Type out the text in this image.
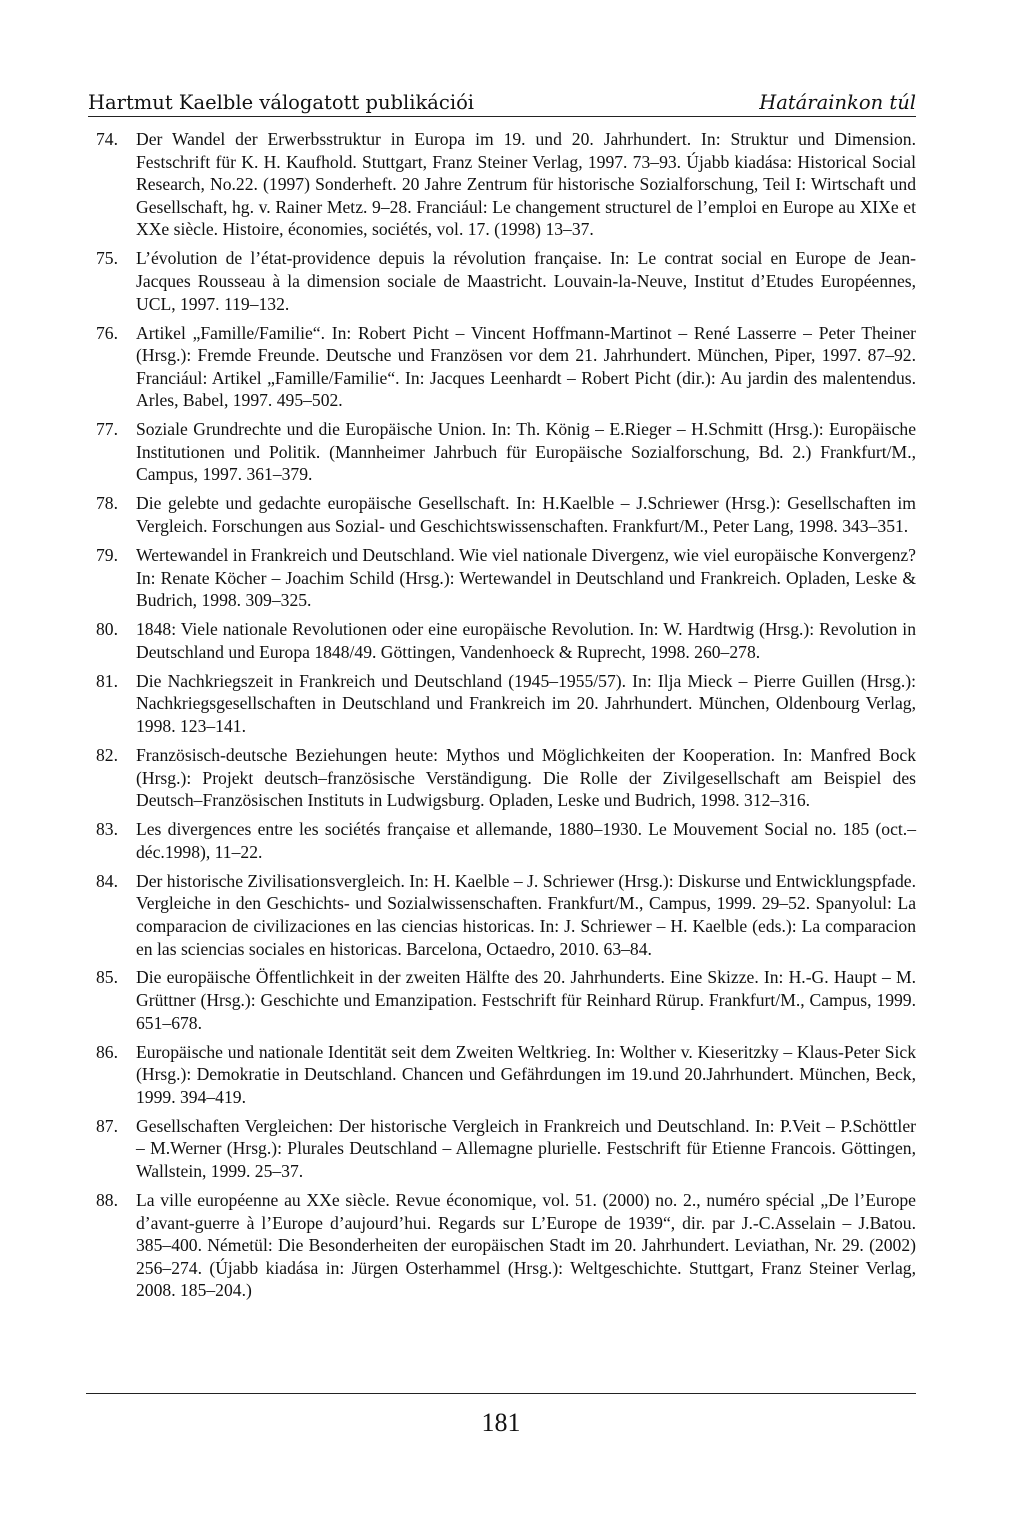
Hartmut Kaelble válogatott publikációi	Határainkon túl
74. Der Wandel der Erwerbsstruktur in Europa im 19. und 20. Jahrhundert. In: Struktur und Dimension. Festschrift für K. H. Kaufhold. Stuttgart, Franz Steiner Verlag, 1997. 73–93. Újabb kiadása: Historical Social Research, No.22. (1997) Sonderheft. 20 Jahre Zentrum für historische Sozialforschung, Teil I: Wirtschaft und Gesellschaft, hg. v. Rainer Metz. 9–28. Franciául: Le changement structurel de l’emploi en Europe au XIXe et XXe siècle. Histoire, économies, sociétés, vol. 17. (1998) 13–37.
75. L’évolution de l’état-providence depuis la révolution française. In: Le contrat social en Europe de Jean-Jacques Rousseau à la dimension sociale de Maastricht. Louvain-la-Neuve, Institut d’Etudes Européennes, UCL, 1997. 119–132.
76. Artikel „Famille/Familie“. In: Robert Picht – Vincent Hoffmann-Martinot – René Lasserre – Peter Theiner (Hrsg.): Fremde Freunde. Deutsche und Französen vor dem 21. Jahrhundert. München, Piper, 1997. 87–92. Franciául: Artikel „Famille/Familie“. In: Jacques Leenhardt – Robert Picht (dir.): Au jardin des malentendus. Arles, Babel, 1997. 495–502.
77. Soziale Grundrechte und die Europäische Union. In: Th. König – E.Rieger – H.Schmitt (Hrsg.): Europäische Institutionen und Politik. (Mannheimer Jahrbuch für Europäische Sozialforschung, Bd. 2.) Frankfurt/M., Campus, 1997. 361–379.
78. Die gelebte und gedachte europäische Gesellschaft. In: H.Kaelble – J.Schriewer (Hrsg.): Gesellschaften im Vergleich. Forschungen aus Sozial- und Geschichtswissenschaften. Frankfurt/M., Peter Lang, 1998. 343–351.
79. Wertewandel in Frankreich und Deutschland. Wie viel nationale Divergenz, wie viel europäische Konvergenz? In: Renate Köcher – Joachim Schild (Hrsg.): Wertewandel in Deutschland und Frankreich. Opladen, Leske & Budrich, 1998. 309–325.
80. 1848: Viele nationale Revolutionen oder eine europäische Revolution. In: W. Hardtwig (Hrsg.): Revolution in Deutschland und Europa 1848/49. Göttingen, Vandenhoeck & Ruprecht, 1998. 260–278.
81. Die Nachkriegszeit in Frankreich und Deutschland (1945–1955/57). In: Ilja Mieck – Pierre Guillen (Hrsg.): Nachkriegsgesellschaften in Deutschland und Frankreich im 20. Jahrhundert. München, Oldenbourg Verlag, 1998. 123–141.
82. Französisch-deutsche Beziehungen heute: Mythos und Möglichkeiten der Kooperation. In: Manfred Bock (Hrsg.): Projekt deutsch–französische Verständigung. Die Rolle der Zivilgesellschaft am Beispiel des Deutsch–Französischen Instituts in Ludwigsburg. Opladen, Leske und Budrich, 1998. 312–316.
83. Les divergences entre les sociétés française et allemande, 1880–1930. Le Mouvement Social no. 185 (oct.–déc.1998), 11–22.
84. Der historische Zivilisationsvergleich. In: H. Kaelble – J. Schriewer (Hrsg.): Diskurse und Entwicklungspfade. Vergleiche in den Geschichts- und Sozialwissenschaften. Frankfurt/M., Campus, 1999. 29–52. Spanyolul: La comparacion de civilizaciones en las ciencias historicas. In: J. Schriewer – H. Kaelble (eds.): La comparacion en las sciencias sociales en historicas. Barcelona, Octaedro, 2010. 63–84.
85. Die europäische Öffentlichkeit in der zweiten Hälfte des 20. Jahrhunderts. Eine Skizze. In: H.-G. Haupt – M. Grüttner (Hrsg.): Geschichte und Emanzipation. Festschrift für Reinhard Rürup. Frankfurt/M., Campus, 1999. 651–678.
86. Europäische und nationale Identität seit dem Zweiten Weltkrieg. In: Wolther v. Kieseritzky – Klaus-Peter Sick (Hrsg.): Demokratie in Deutschland. Chancen und Gefährdungen im 19.und 20.Jahrhundert. München, Beck, 1999. 394–419.
87. Gesellschaften Vergleichen: Der historische Vergleich in Frankreich und Deutschland. In: P.Veit – P.Schöttler – M.Werner (Hrsg.): Plurales Deutschland – Allemagne plurielle. Festschrift für Etienne Francois. Göttingen, Wallstein, 1999. 25–37.
88. La ville européenne au XXe siècle. Revue économique, vol. 51. (2000) no. 2., numéro spécial „De l’Europe d’avant-guerre à l’Europe d’aujourd’hui. Regards sur L’Europe de 1939“, dir. par J.-C.Asselain – J.Batou. 385–400. Németül: Die Besonderheiten der europäischen Stadt im 20. Jahrhundert. Leviathan, Nr. 29. (2002) 256–274. (Újabb kiadása in: Jürgen Osterhammel (Hrsg.): Weltgeschichte. Stuttgart, Franz Steiner Verlag, 2008. 185–204.)
181
